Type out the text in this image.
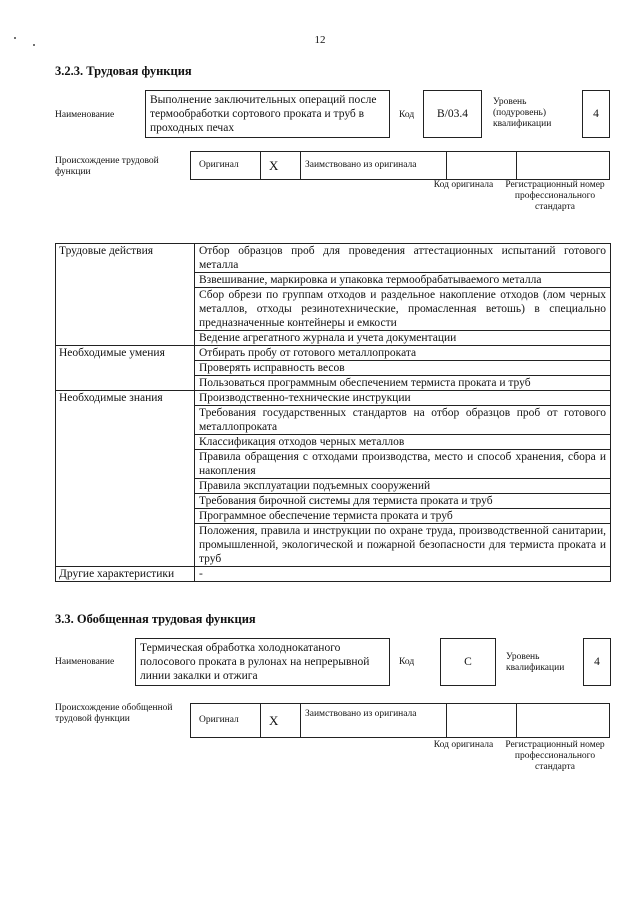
12
3.2.3. Трудовая функция
Наименование
Выполнение заключительных операций после термообработки сортового проката и труб в проходных печах
Код B/03.4
Уровень (подуровень) квалификации
4
Происхождение трудовой функции
Оригинал	X	Заимствовано из оригинала		
Код оригинала	Регистрационный номер профессионального стандарта
Трудовые действия	Отбор образцов проб для проведения аттестационных испытаний готового металла
	Взвешивание, маркировка и упаковка термообрабатываемого металла
	Сбор обрези по группам отходов и раздельное накопление отходов (лом черных металлов, отходы резинотехнические, промасленная ветошь) в специально предназначенные контейнеры и емкости
	Ведение агрегатного журнала и учета документации
Необходимые умения	Отбирать пробу от готового металлопроката
	Проверять исправность весов
	Пользоваться программным обеспечением термиста проката и труб
Необходимые знания	Производственно-технические инструкции
	Требования государственных стандартов на отбор образцов проб от готового металлопроката
	Классификация отходов черных металлов
	Правила обращения с отходами производства, место и способ хранения, сбора и накопления
	Правила эксплуатации подъемных сооружений
	Требования бирочной системы для термиста проката и труб
	Программное обеспечение термиста проката и труб
	Положения, правила и инструкции по охране труда, производственной санитарии, промышленной, экологической и пожарной безопасности для термиста проката и труб
Другие характеристики	-
3.3. Обобщенная трудовая функция
Наименование
Термическая обработка холоднокатаного полосового проката в рулонах на непрерывной линии закалки и отжига
Код	C	Уровень квалификации	4
Происхождение обобщенной трудовой функции	Оригинал	X	Заимствовано из оригинала		
Код оригинала	Регистрационный номер профессионального стандарта
